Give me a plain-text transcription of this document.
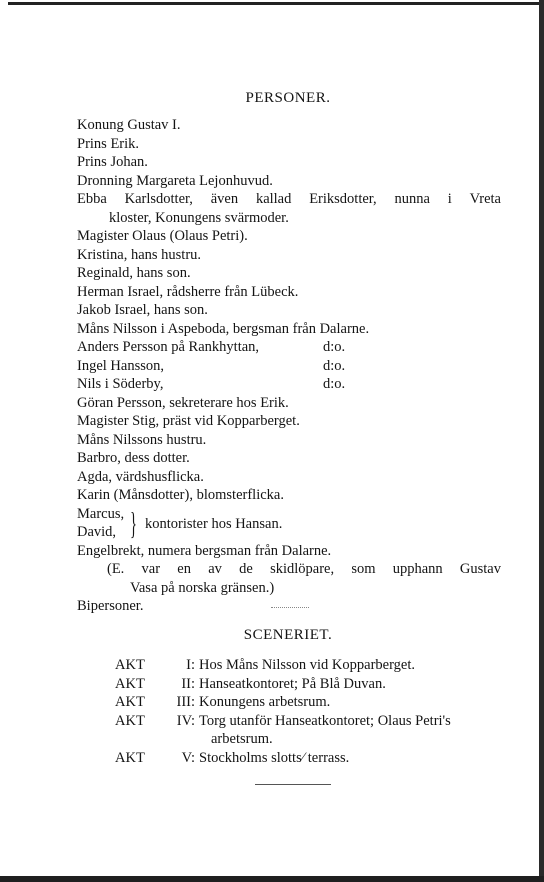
PERSONER.
Konung Gustav I.
Prins Erik.
Prins Johan.
Dronning Margareta Lejonhuvud.
Ebba Karlsdotter, även kallad Eriksdotter, nunna i Vreta
kloster, Konungens svärmoder.
Magister Olaus (Olaus Petri).
Kristina, hans hustru.
Reginald, hans son.
Herman Israel, rådsherre från Lübeck.
Jakob Israel, hans son.
Måns Nilsson i Aspeboda, bergsman från Dalarne.
Anders Persson på Rankhyttan,	d:o.
Ingel Hansson,	d:o.
Nils i Söderby,	d:o.
Göran Persson, sekreterare hos Erik.
Magister Stig, präst vid Kopparberget.
Måns Nilssons hustru.
Barbro, dess dotter.
Agda, värdshusflicka.
Karin (Månsdotter), blomsterflicka.
Marcus,
David, } kontorister hos Hansan.
Engelbrekt, numera bergsman från Dalarne.
(E. var en av de skidlöpare, som upphann Gustav
Vasa på norska gränsen.)
Bipersoner.
SCENERIET.
AKT	I: Hos Måns Nilsson vid Kopparberget.
AKT	II: Hanseatkontoret; På Blå Duvan.
AKT	III: Konungens arbetsrum.
AKT	IV: Torg utanför Hanseatkontoret; Olaus Petri's
arbetsrum.
AKT	V: Stockholms slotts⁄ terrass.
